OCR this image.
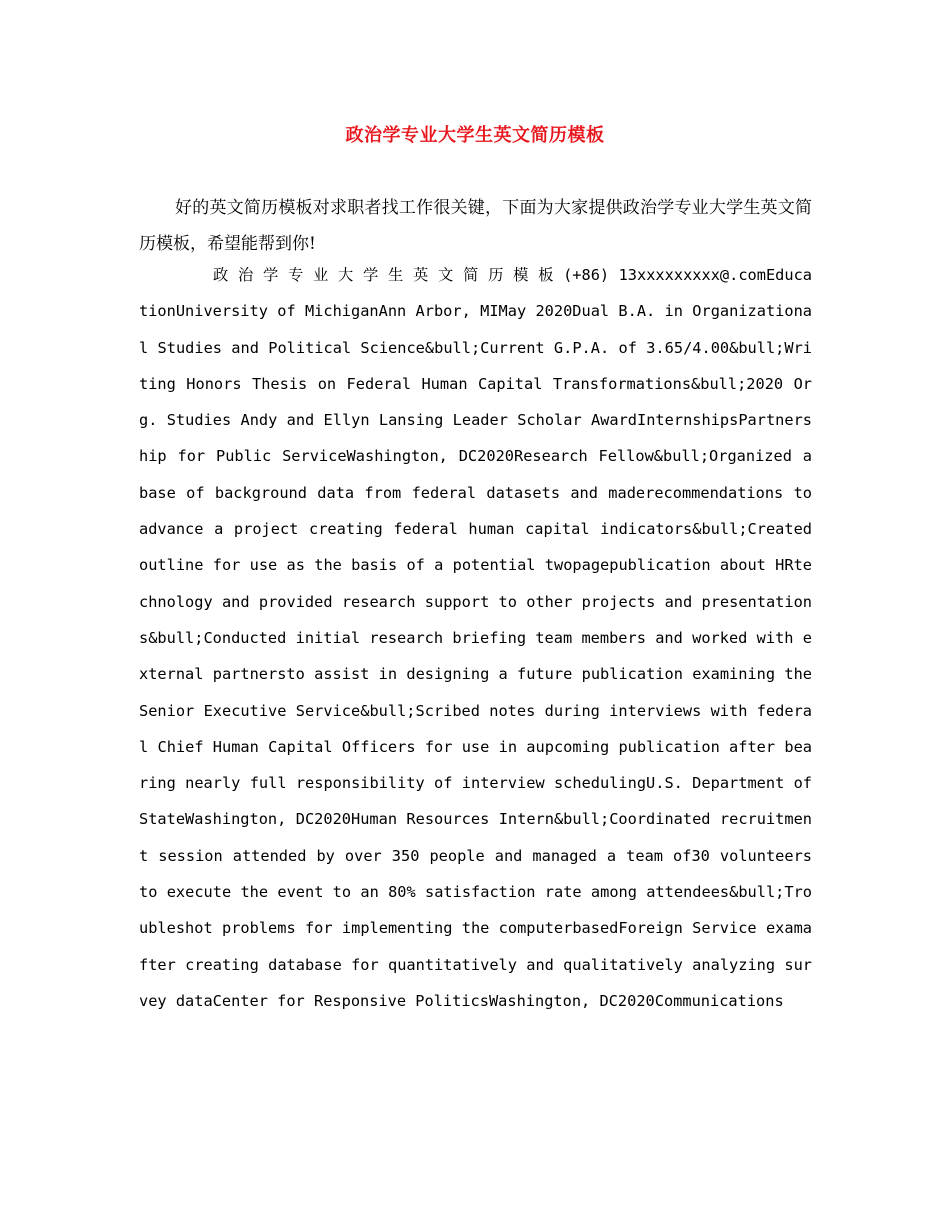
政治学专业大学生英文简历模板
好的英文简历模板对求职者找工作很关键，下面为大家提供政治学专业大学生英文简历模板，希望能帮到你!
政 治 学 专 业 大 学 生 英 文 简 历 模 板 (+86) 13xxxxxxxxx@.comEducationUniversity of MichiganAnn Arbor, MIMay 2020Dual B.A. in Organizational Studies and Political Science&bull;Current G.P.A. of 3.65/4.00&bull;Writing Honors Thesis on Federal Human Capital Transformations&bull;2020 Org. Studies Andy and Ellyn Lansing Leader Scholar AwardInternshipsPartnership for Public ServiceWashington, DC2020Research Fellow&bull;Organized a base of background data from federal datasets and maderecommendations to advance a project creating federal human capital indicators&bull;Created outline for use as the basis of a potential twopagepublication about HRtechnology and provided research support to other projects and presentations&bull;Conducted initial research briefing team members and worked with external partnersto assist in designing a future publication examining the Senior Executive Service&bull;Scribed notes during interviews with federal Chief Human Capital Officers for use in aupcoming publication after bearing nearly full responsibility of interview schedulingU.S. Department of StateWashington, DC2020Human Resources Intern&bull;Coordinated recruitment session attended by over 350 people and managed a team of30 volunteers to execute the event to an 80% satisfaction rate among attendees&bull;Troubleshot problems for implementing the computerbasedForeign Service examafter creating database for quantitatively and qualitatively analyzing survey dataCenter for Responsive PoliticsWashington, DC2020Communications
